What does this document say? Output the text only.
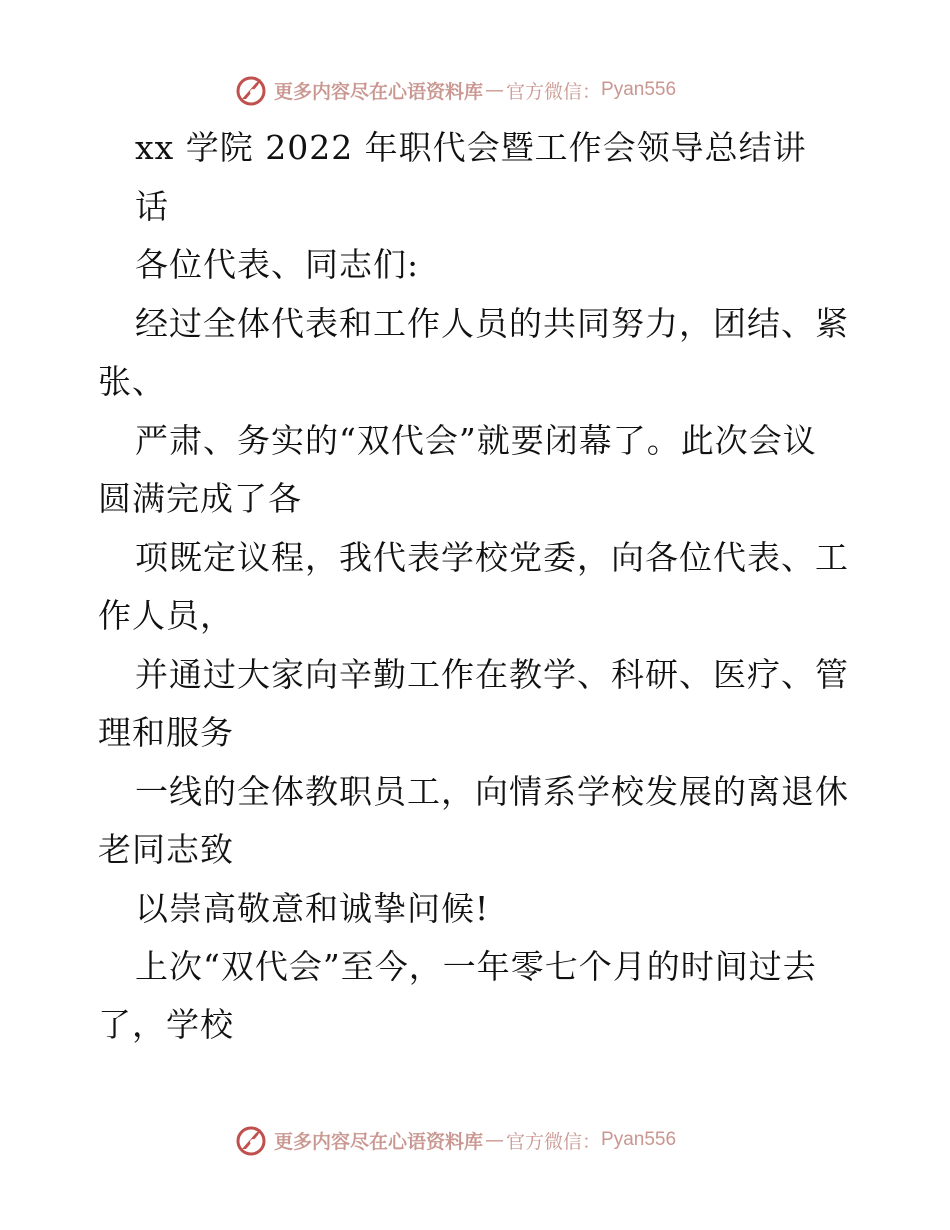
更多内容尽在心语资料库 — 官方微信： Pyan556
xx 学院 2022 年职代会暨工作会领导总结讲
话
各位代表、同志们:
经过全体代表和工作人员的共同努力，团结、紧
张、
严肃、务实的“双代会”就要闭幕了。此次会议
圆满完成了各
项既定议程，我代表学校党委，向各位代表、工
作人员，
并通过大家向辛勤工作在教学、科研、医疗、管
理和服务
一线的全体教职员工，向情系学校发展的离退休
老同志致
以崇高敬意和诚挚问候!
上次“双代会”至今，一年零七个月的时间过去
了，学校
更多内容尽在心语资料库 — 官方微信： Pyan556
